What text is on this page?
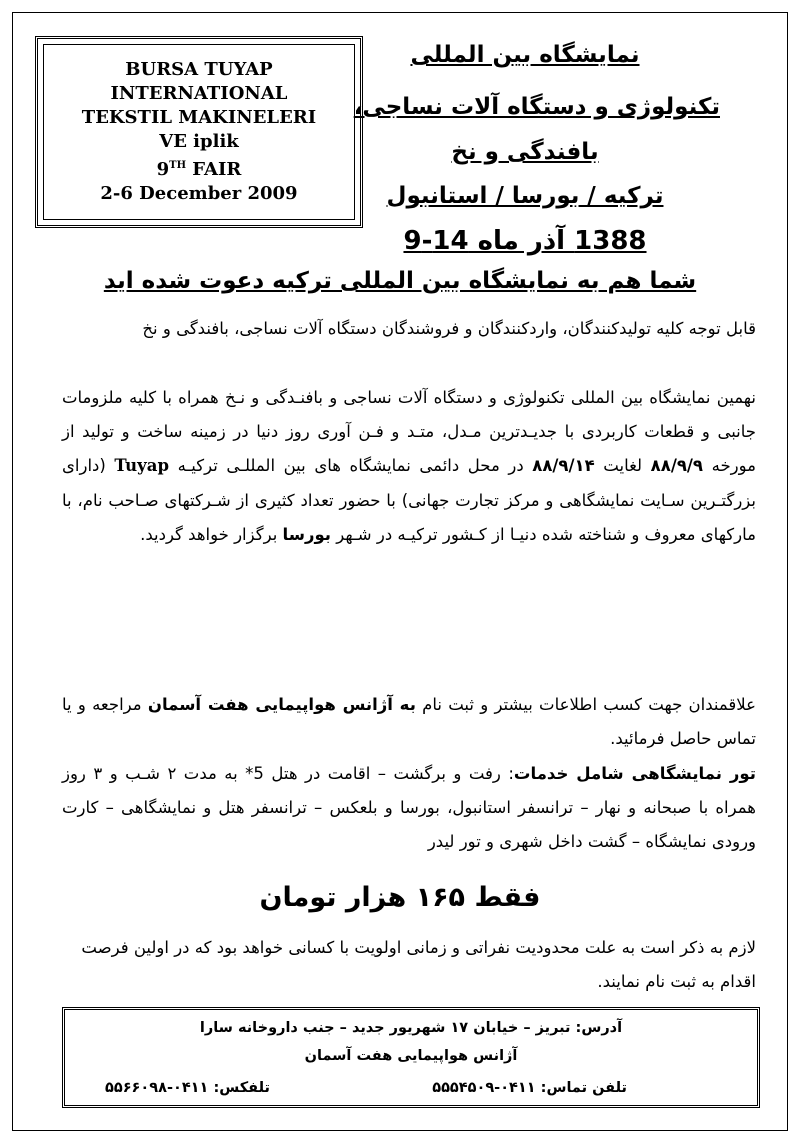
BURSA TUYAP
INTERNATIONAL
TEKSTIL MAKINELERI
VE iplik
9TH FAIR
2-6 December 2009
نمایشگاه بین المللی
تکنولوژی و دستگاه آلات نساجی،
بافندگی و نخ
ترکیه / بورسا / استانبول
1388 آذر ماه 14-9
شما هم به نمایشگاه بین المللی ترکیه دعوت شده اید
قابل توجه کلیه تولیدکنندگان، واردکنندگان و فروشندگان دستگاه آلات نساجی، بافندگی و نخ
نهمین نمایشگاه بین المللی تکنولوژی و دستگاه آلات نساجی و بافنـدگی و نـخ همراه با کلیه ملزومات جانبی و قطعات کاربردی با جدیـدترین مـدل، متـد و فـن آوری روز دنیا در زمینه ساخت و تولید از مورخه ۸۸/۹/۹ لغایت ۸۸/۹/۱۴ در محل دائمی نمایشگاه های بین المللـی ترکیـه Tuyap (دارای بزرگتـرین سـایت نمایشگاهی و مرکز تجارت جهانی) با حضور تعداد کثیری از شـرکتهای صـاحب نام، با مارکهای معروف و شناخته شده دنیـا از کـشور ترکیـه در شـهر بورسا برگزار خواهد گردید.
علاقمندان جهت کسب اطلاعات بیشتر و ثبت نام به آژانس هواپیمایی هفت آسمان مراجعه و یا تماس حاصل فرمائید.
تور نمایشگاهی شامل خدمات: رفت و برگشت – اقامت در هتل 5* به مدت ۲ شـب و ۳ روز همراه با صبحانه و نهار – ترانسفر استانبول، بورسا و بلعکس – ترانسفر هتل و نمایشگاهی – کارت ورودی نمایشگاه – گشت داخل شهری و تور لیدر
فقط ۱۶۵ هزار تومان
لازم به ذکر است به علت محدودیت نفراتی و زمانی اولویت با کسانی خواهد بود که در اولین فرصت اقدام به ثبت نام نمایند.
آدرس: تبریز – خیابان ۱۷ شهریور جدید – جنب داروخانه سارا
آژانس هواپیمایی هفت آسمان
تلفن تماس: ۰۴۱۱-۵۵۵۴۵۰۹
تلفکس: ۰۴۱۱-۵۵۶۶۰۹۸
